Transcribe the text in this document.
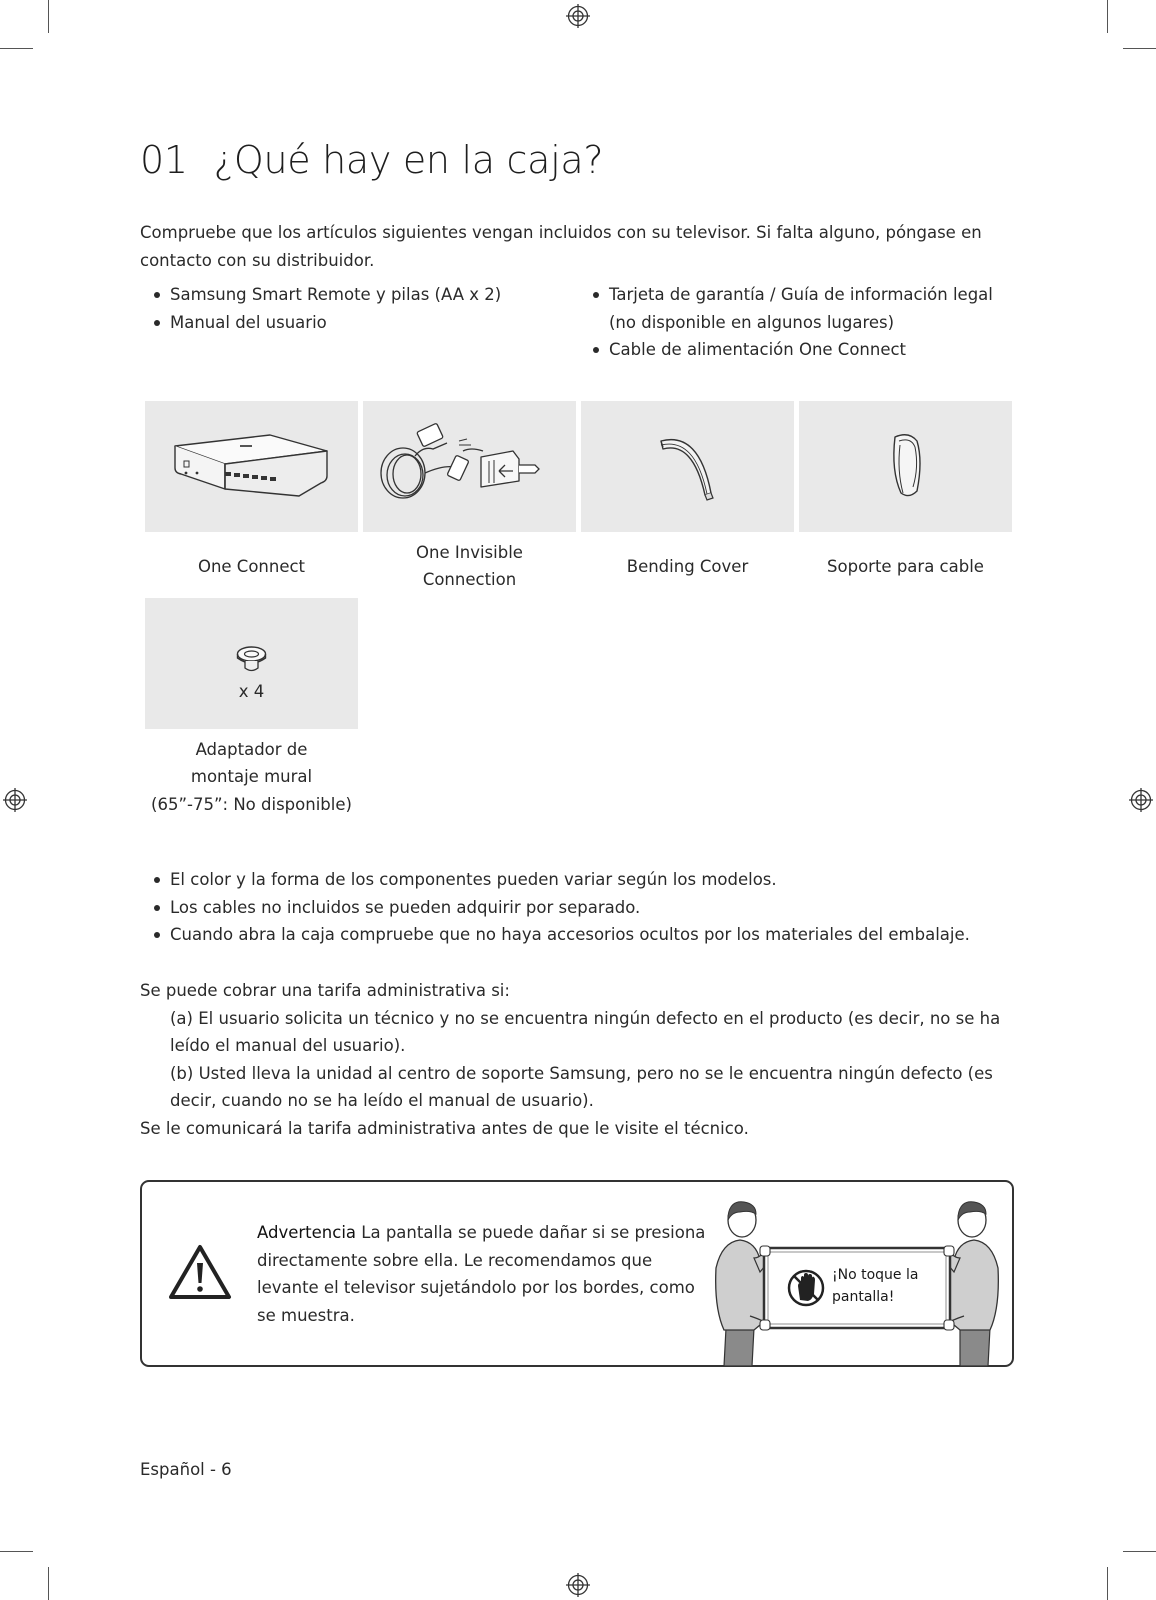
01 ¿Qué hay en la caja?
Compruebe que los artículos siguientes vengan incluidos con su televisor. Si falta alguno, póngase en contacto con su distribuidor.
Samsung Smart Remote y pilas (AA x 2)
Manual del usuario
Tarjeta de garantía / Guía de información legal (no disponible en algunos lugares)
Cable de alimentación One Connect
x 4
One Connect
One Invisible Connection
Bending Cover	Soporte para cable
Adaptador de montaje mural
(65”-75”: No disponible)
El color y la forma de los componentes pueden variar según los modelos.
Los cables no incluidos se pueden adquirir por separado.
Cuando abra la caja compruebe que no haya accesorios ocultos por los materiales del embalaje.
Se puede cobrar una tarifa administrativa si:
(a) El usuario solicita un técnico y no se encuentra ningún defecto en el producto (es decir, no se ha leído el manual del usuario).
(b) Usted lleva la unidad al centro de soporte Samsung, pero no se le encuentra ningún defecto (es decir, cuando no se ha leído el manual de usuario).
Se le comunicará la tarifa administrativa antes de que le visite el técnico.
Advertencia La pantalla se puede dañar si se presiona directamente sobre ella. Le recomendamos que levante el televisor sujetándolo por los bordes, como se muestra.
¡No toque la
pantalla!
Español - 6
